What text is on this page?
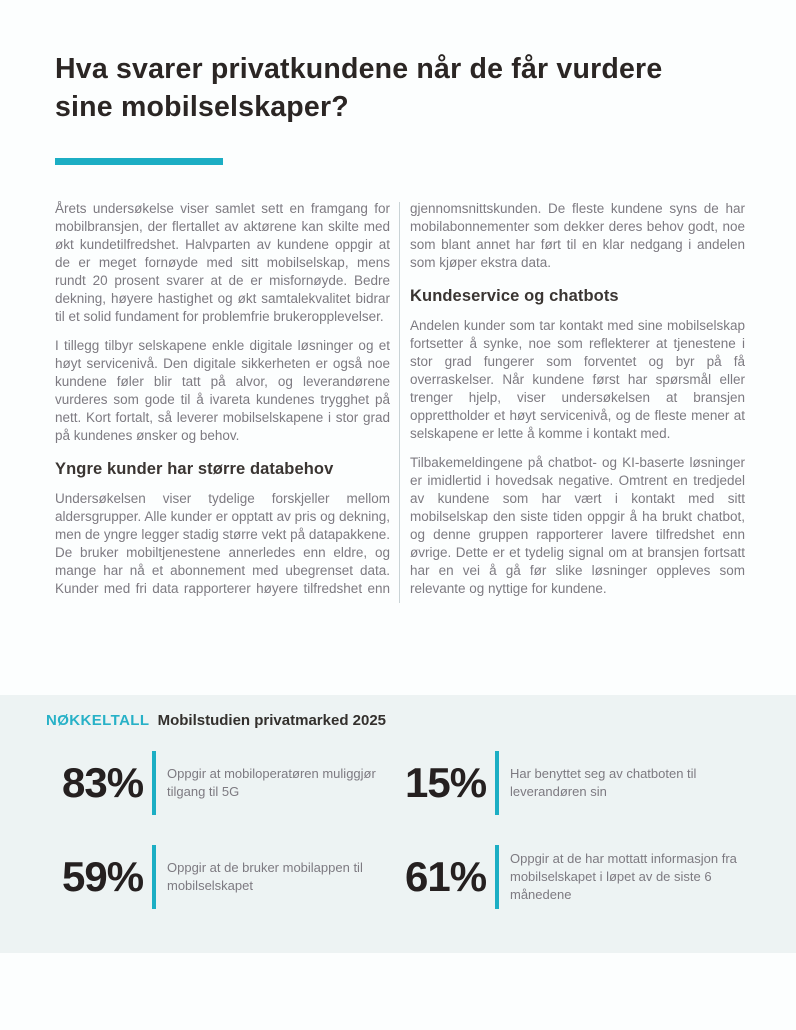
Hva svarer privatkundene når de får vurdere
sine mobilselskaper?

Årets undersøkelse viser samlet sett en framgang for mobilbransjen, der flertallet av aktørene kan skilte med økt kundetilfredshet. Halvparten av kundene oppgir at de er meget fornøyde med sitt mobilselskap, mens rundt 20 prosent svarer at de er misfornøyde. Bedre dekning, høyere hastighet og økt samtalekvalitet bidrar til et solid fundament for problemfrie brukeropplevelser.

I tillegg tilbyr selskapene enkle digitale løsninger og et høyt servicenivå. Den digitale sikkerheten er også noe kundene føler blir tatt på alvor, og leverandørene vurderes som gode til å ivareta kundenes trygghet på nett. Kort fortalt, så leverer mobilselskapene i stor grad på kundenes ønsker og behov.

Yngre kunder har større databehov

Undersøkelsen viser tydelige forskjeller mellom aldersgrupper. Alle kunder er opptatt av pris og dekning, men de yngre legger stadig større vekt på datapakkene. De bruker mobiltjenestene annerledes enn eldre, og mange har nå et abonnement med ubegrenset data. Kunder med fri data rapporterer høyere tilfredshet enn

gjennomsnittskunden. De fleste kundene syns de har mobilabonnementer som dekker deres behov godt, noe som blant annet har ført til en klar nedgang i andelen som kjøper ekstra data.

Kundeservice og chatbots

Andelen kunder som tar kontakt med sine mobilselskap fortsetter å synke, noe som reflekterer at tjenestene i stor grad fungerer som forventet og byr på få overraskelser. Når kundene først har spørsmål eller trenger hjelp, viser undersøkelsen at bransjen opprettholder et høyt servicenivå, og de fleste mener at selskapene er lette å komme i kontakt med.

Tilbakemeldingene på chatbot- og KI-baserte løsninger er imidlertid i hovedsak negative. Omtrent en tredjedel av kundene som har vært i kontakt med sitt mobilselskap den siste tiden oppgir å ha brukt chatbot, og denne gruppen rapporterer lavere tilfredshet enn øvrige. Dette er et tydelig signal om at bransjen fortsatt har en vei å gå før slike løsninger oppleves som relevante og nyttige for kundene.

NØKKELTALL Mobilstudien privatmarked 2025
83%	Oppgir at mobiloperatøren muliggjør tilgang til 5G	15%	Har benyttet seg av chatboten til leverandøren sin
59%	Oppgir at de bruker mobilappen til mobilselskapet	61%	Oppgir at de har mottatt informasjon fra mobilselskapet i løpet av de siste 6 månedene
